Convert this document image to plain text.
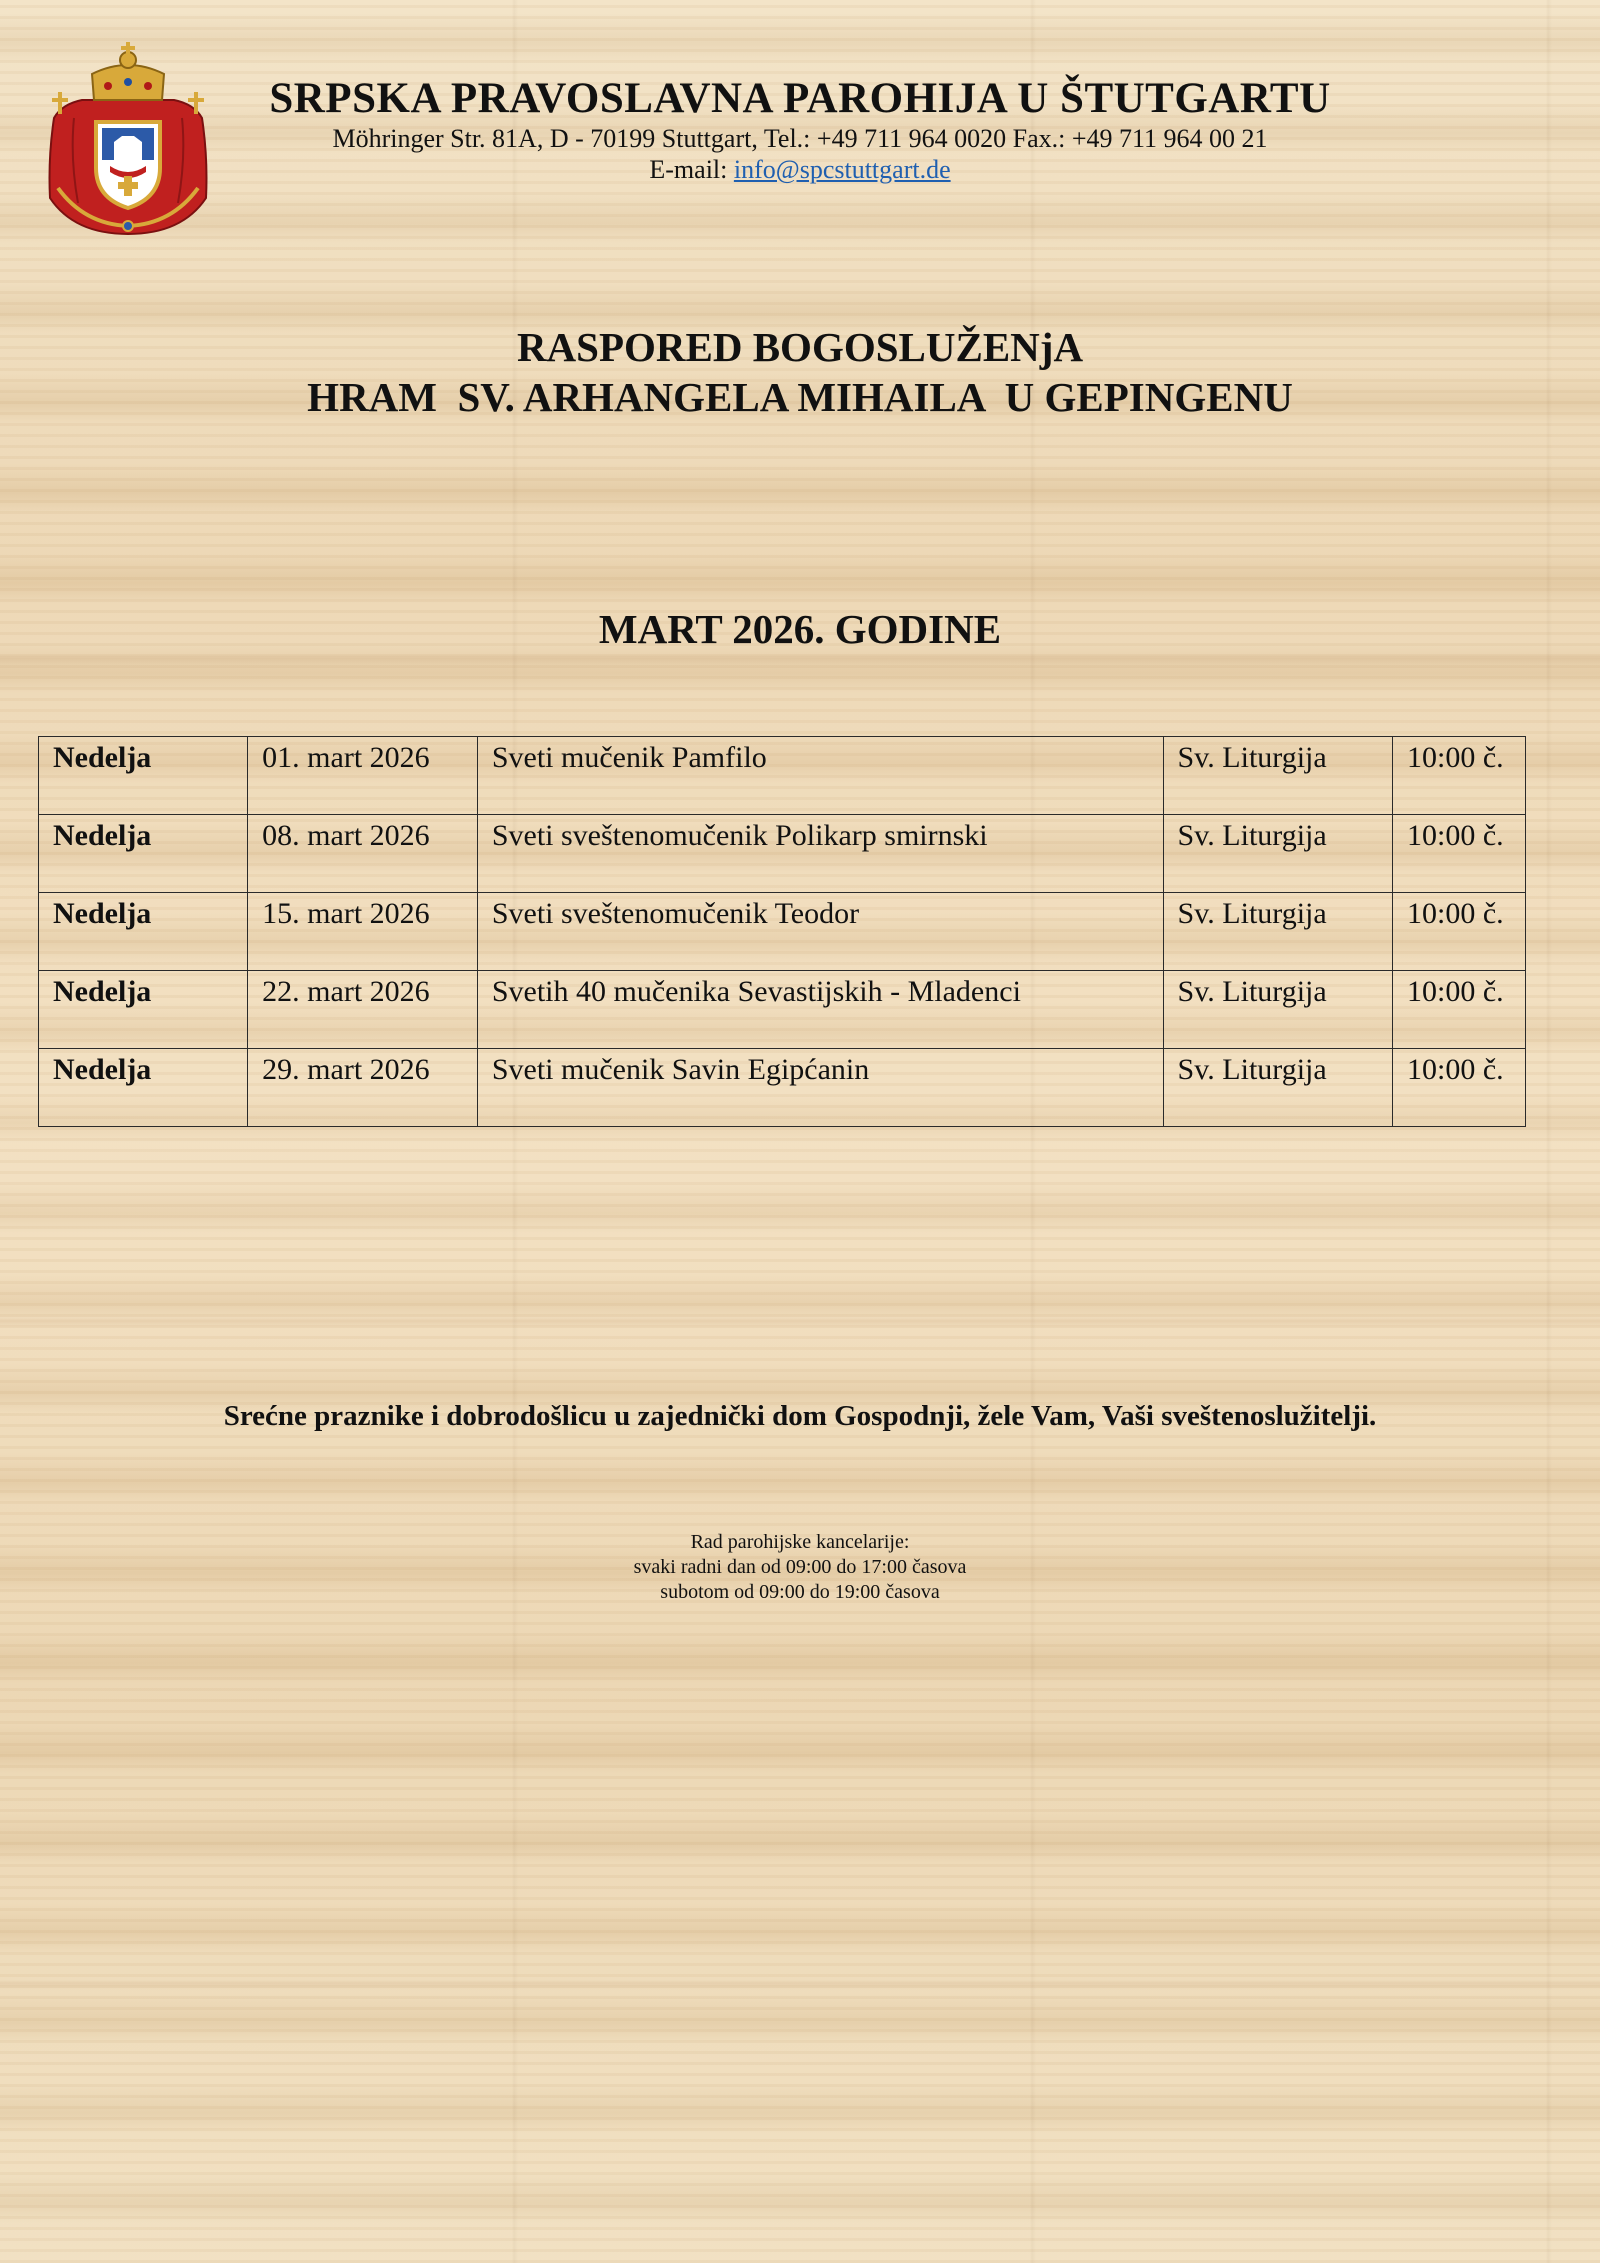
SRPSKA PRAVOSLAVNA PAROHIJA U ŠTUTGARTU
Möhringer Str. 81A, D - 70199 Stuttgart, Tel.: +49 711 964 0020 Fax.: +49 711 964 00 21
E-mail: info@spcstuttgart.de
RASPORED BOGOSLUŽENjA
HRAM  SV. ARHANGELA MIHAILA  U GEPINGENU
MART 2026. GODINE
Nedelja	01. mart 2026	Sveti mučenik Pamfilo	Sv. Liturgija	10:00 č.
Nedelja	08. mart 2026	Sveti sveštenomučenik Polikarp smirnski	Sv. Liturgija	10:00 č.
Nedelja	15. mart 2026	Sveti sveštenomučenik Teodor	Sv. Liturgija	10:00 č.
Nedelja	22. mart 2026	Svetih 40 mučenika Sevastijskih - Mladenci	Sv. Liturgija	10:00 č.
Nedelja	29. mart 2026	Sveti mučenik Savin Egipćanin	Sv. Liturgija	10:00 č.
Srećne praznike i dobrodošlicu u zajednički dom Gospodnji, žele Vam, Vaši sveštenoslužitelji.
Rad parohijske kancelarije:
svaki radni dan od 09:00 do 17:00 časova
subotom od 09:00 do 19:00 časova
